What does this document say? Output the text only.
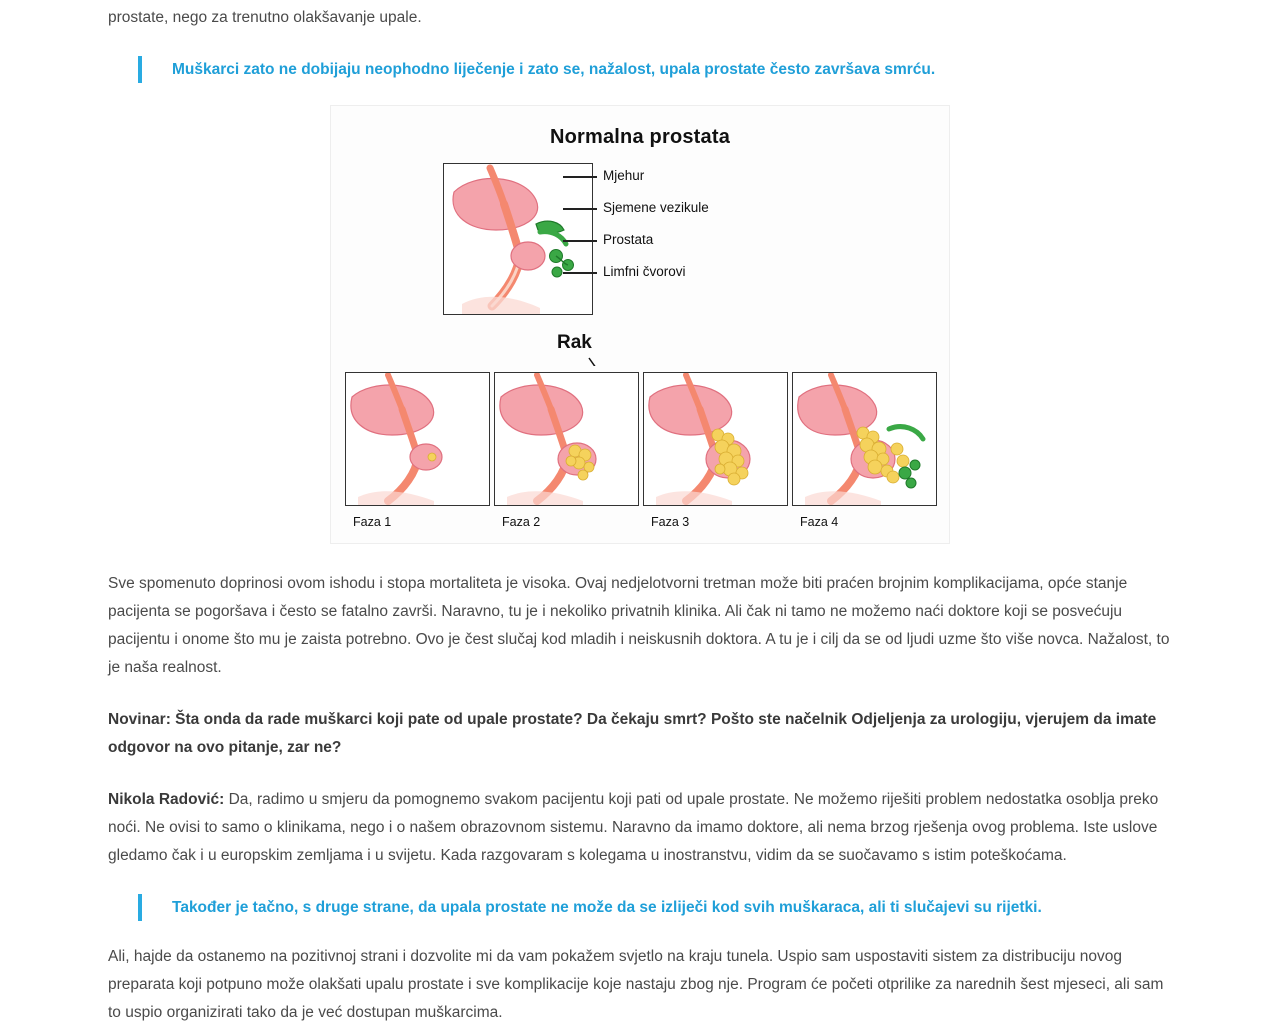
prostate, nego za trenutno olakšavanje upale.

Muškarci zato ne dobijaju neophodno liječenje i zato se, nažalost, upala prostate često završava smrću.

Normalna prostata
Mjehur
Sjemene vezikule
Prostata
Limfni čvorovi
Rak
Faza 1	Faza 2	Faza 3	Faza 4

Sve spomenuto doprinosi ovom ishodu i stopa mortaliteta je visoka. Ovaj nedjelotvorni tretman može biti praćen brojnim komplikacijama, opće stanje pacijenta se pogoršava i često se fatalno završi. Naravno, tu je i nekoliko privatnih klinika. Ali čak ni tamo ne možemo naći doktore koji se posvećuju pacijentu i onome što mu je zaista potrebno. Ovo je čest slučaj kod mladih i neiskusnih doktora. A tu je i cilj da se od ljudi uzme što više novca. Nažalost, to je naša realnost.

Novinar: Šta onda da rade muškarci koji pate od upale prostate? Da čekaju smrt? Pošto ste načelnik Odjeljenja za urologiju, vjerujem da imate odgovor na ovo pitanje, zar ne?

Nikola Radović: Da, radimo u smjeru da pomognemo svakom pacijentu koji pati od upale prostate. Ne možemo riješiti problem nedostatka osoblja preko noći. Ne ovisi to samo o klinikama, nego i o našem obrazovnom sistemu. Naravno da imamo doktore, ali nema brzog rješenja ovog problema. Iste uslove gledamo čak i u europskim zemljama i u svijetu. Kada razgovaram s kolegama u inostranstvu, vidim da se suočavamo s istim poteškoćama.

Također je tačno, s druge strane, da upala prostate ne može da se izliječi kod svih muškaraca, ali ti slučajevi su rijetki.

Ali, hajde da ostanemo na pozitivnoj strani i dozvolite mi da vam pokažem svjetlo na kraju tunela. Uspio sam uspostaviti sistem za distribuciju novog preparata koji potpuno može olakšati upalu prostate i sve komplikacije koje nastaju zbog nje. Program će početi otprilike za narednih šest mjeseci, ali sam to uspio organizirati tako da je već dostupan muškarcima.
